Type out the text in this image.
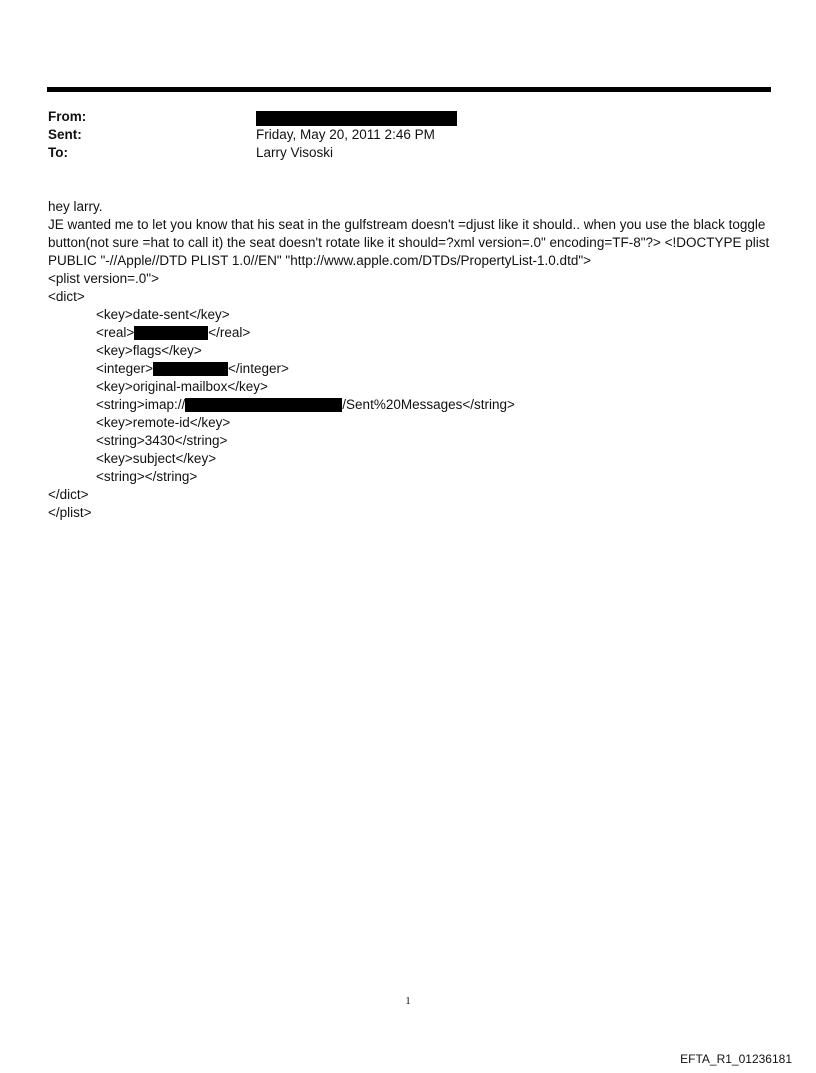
From:
Sent:	Friday, May 20, 2011 2:46 PM
To:	Larry Visoski

hey larry.

JE wanted me to let you know that his seat in the gulfstream doesn't =djust like it should.. when you use the black toggle button(not sure =hat to call it) the seat doesn't rotate like it should=?xml version=.0" encoding=TF-8"?> <!DOCTYPE plist PUBLIC "-//Apple//DTD PLIST 1.0//EN" "http://www.apple.com/DTDs/PropertyList-1.0.dtd">

<plist version=.0">

<dict>

<key>date-sent</key>

<real>	</real>

<key>flags</key>

<integer>	</integer>

<key>original-mailbox</key>

<string>imap://	/Sent%20Messages</string>

<key>remote-id</key>

<string>3430</string>

<key>subject</key>

<string></string>

</dict>

</plist>

1
EFTA_R1_01236181
